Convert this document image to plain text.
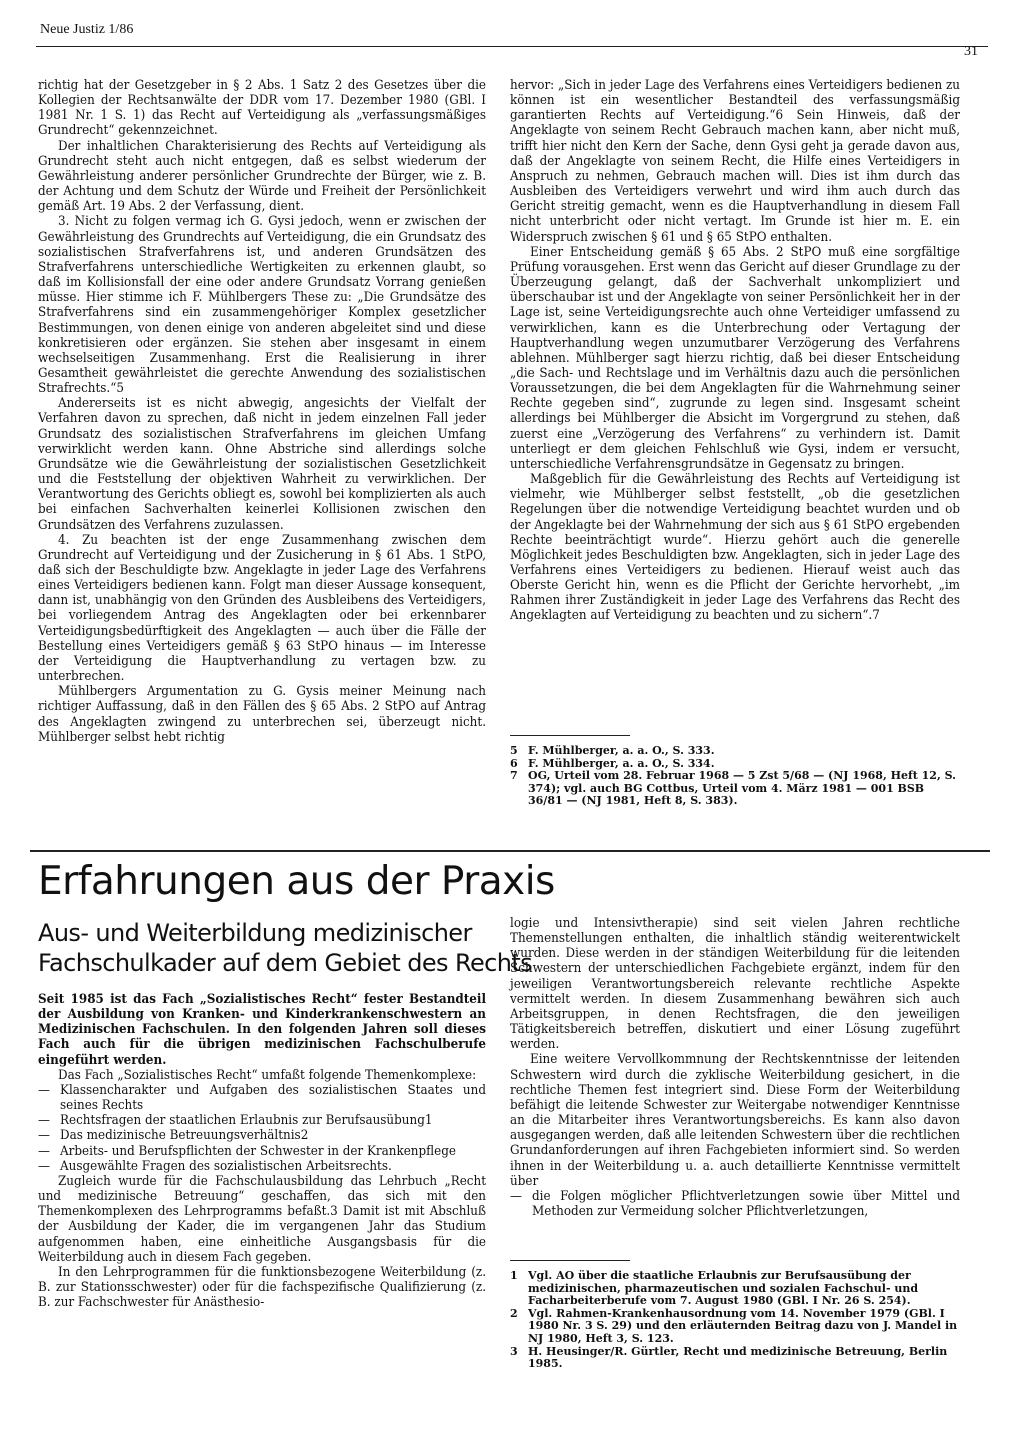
Neue Justiz 1/86
31

richtig hat der Gesetzgeber in § 2 Abs. 1 Satz 2 des Gesetzes über die Kollegien der Rechtsanwälte der DDR vom 17. Dezember 1980 (GBl. I 1981 Nr. 1 S. 1) das Recht auf Verteidigung als „verfassungsmäßiges Grundrecht“ gekennzeichnet.

Der inhaltlichen Charakterisierung des Rechts auf Verteidigung als Grundrecht steht auch nicht entgegen, daß es selbst wiederum der Gewährleistung anderer persönlicher Grundrechte der Bürger, wie z. B. der Achtung und dem Schutz der Würde und Freiheit der Persönlichkeit gemäß Art. 19 Abs. 2 der Verfassung, dient.

3. Nicht zu folgen vermag ich G. Gysi jedoch, wenn er zwischen der Gewährleistung des Grundrechts auf Verteidigung, die ein Grundsatz des sozialistischen Strafverfahrens ist, und anderen Grundsätzen des Strafverfahrens unterschiedliche Wertigkeiten zu erkennen glaubt, so daß im Kollisionsfall der eine oder andere Grundsatz Vorrang genießen müsse. Hier stimme ich F. Mühlbergers These zu: „Die Grundsätze des Strafverfahrens sind ein zusammengehöriger Komplex gesetzlicher Bestimmungen, von denen einige von anderen abgeleitet sind und diese konkretisieren oder ergänzen. Sie stehen aber insgesamt in einem wechselseitigen Zusammenhang. Erst die Realisierung in ihrer Gesamtheit gewährleistet die gerechte Anwendung des sozialistischen Strafrechts.“5

Andererseits ist es nicht abwegig, angesichts der Vielfalt der Verfahren davon zu sprechen, daß nicht in jedem einzelnen Fall jeder Grundsatz des sozialistischen Strafverfahrens im gleichen Umfang verwirklicht werden kann. Ohne Abstriche sind allerdings solche Grundsätze wie die Gewährleistung der sozialistischen Gesetzlichkeit und die Feststellung der objektiven Wahrheit zu verwirklichen. Der Verantwortung des Gerichts obliegt es, sowohl bei komplizierten als auch bei einfachen Sachverhalten keinerlei Kollisionen zwischen den Grundsätzen des Verfahrens zuzulassen.

4. Zu beachten ist der enge Zusammenhang zwischen dem Grundrecht auf Verteidigung und der Zusicherung in § 61 Abs. 1 StPO, daß sich der Beschuldigte bzw. Angeklagte in jeder Lage des Verfahrens eines Verteidigers bedienen kann. Folgt man dieser Aussage konsequent, dann ist, unabhängig von den Gründen des Ausbleibens des Verteidigers, bei vorliegendem Antrag des Angeklagten oder bei erkennbarer Verteidigungsbedürftigkeit des Angeklagten — auch über die Fälle der Bestellung eines Verteidigers gemäß § 63 StPO hinaus — im Interesse der Verteidigung die Hauptverhandlung zu vertagen bzw. zu unterbrechen.

Mühlbergers Argumentation zu G. Gysis meiner Meinung nach richtiger Auffassung, daß in den Fällen des § 65 Abs. 2 StPO auf Antrag des Angeklagten zwingend zu unterbrechen sei, überzeugt nicht. Mühlberger selbst hebt richtig

hervor: „Sich in jeder Lage des Verfahrens eines Verteidigers bedienen zu können ist ein wesentlicher Bestandteil des verfassungsmäßig garantierten Rechts auf Verteidigung.“6 Sein Hinweis, daß der Angeklagte von seinem Recht Gebrauch machen kann, aber nicht muß, trifft hier nicht den Kern der Sache, denn Gysi geht ja gerade davon aus, daß der Angeklagte von seinem Recht, die Hilfe eines Verteidigers in Anspruch zu nehmen, Gebrauch machen will. Dies ist ihm durch das Ausbleiben des Verteidigers verwehrt und wird ihm auch durch das Gericht streitig gemacht, wenn es die Hauptverhandlung in diesem Fall nicht unterbricht oder nicht vertagt. Im Grunde ist hier m. E. ein Widerspruch zwischen § 61 und § 65 StPO enthalten.

Einer Entscheidung gemäß § 65 Abs. 2 StPO muß eine sorgfältige Prüfung vorausgehen. Erst wenn das Gericht auf dieser Grundlage zu der Überzeugung gelangt, daß der Sachverhalt unkompliziert und überschaubar ist und der Angeklagte von seiner Persönlichkeit her in der Lage ist, seine Verteidigungsrechte auch ohne Verteidiger umfassend zu verwirklichen, kann es die Unterbrechung oder Vertagung der Hauptverhandlung wegen unzumutbarer Verzögerung des Verfahrens ablehnen. Mühlberger sagt hierzu richtig, daß bei dieser Entscheidung „die Sach- und Rechtslage und im Verhältnis dazu auch die persönlichen Voraussetzungen, die bei dem Angeklagten für die Wahrnehmung seiner Rechte gegeben sind“, zugrunde zu legen sind. Insgesamt scheint allerdings bei Mühlberger die Absicht im Vorgergrund zu stehen, daß zuerst eine „Verzögerung des Verfahrens“ zu verhindern ist. Damit unterliegt er dem gleichen Fehlschluß wie Gysi, indem er versucht, unterschiedliche Verfahrensgrundsätze in Gegensatz zu bringen.

Maßgeblich für die Gewährleistung des Rechts auf Verteidigung ist vielmehr, wie Mühlberger selbst feststellt, „ob die gesetzlichen Regelungen über die notwendige Verteidigung beachtet wurden und ob der Angeklagte bei der Wahrnehmung der sich aus § 61 StPO ergebenden Rechte beeinträchtigt wurde“. Hierzu gehört auch die generelle Möglichkeit jedes Beschuldigten bzw. Angeklagten, sich in jeder Lage des Verfahrens eines Verteidigers zu bedienen. Hierauf weist auch das Oberste Gericht hin, wenn es die Pflicht der Gerichte hervorhebt, „im Rahmen ihrer Zuständigkeit in jeder Lage des Verfahrens das Recht des Angeklagten auf Verteidigung zu beachten und zu sichern“.7

5 F. Mühlberger, a. a. O., S. 333.
6 F. Mühlberger, a. a. O., S. 334.
7 OG, Urteil vom 28. Februar 1968 — 5 Zst 5/68 — (NJ 1968, Heft 12, S. 374); vgl. auch BG Cottbus, Urteil vom 4. März 1981 — 001 BSB 36/81 — (NJ 1981, Heft 8, S. 383).
Erfahrungen aus der Praxis
Aus- und Weiterbildung medizinischer
Fachschulkader auf dem Gebiet des Rechts

Seit 1985 ist das Fach „Sozialistisches Recht“ fester Bestandteil der Ausbildung von Kranken- und Kinderkrankenschwestern an Medizinischen Fachschulen. In den folgenden Jahren soll dieses Fach auch für die übrigen medizinischen Fachschulberufe eingeführt werden.

Das Fach „Sozialistisches Recht“ umfaßt folgende Themenkomplexe:

— Klassencharakter und Aufgaben des sozialistischen Staates und seines Rechts
— Rechtsfragen der staatlichen Erlaubnis zur Berufsausübung1
— Das medizinische Betreuungsverhältnis2
— Arbeits- und Berufspflichten der Schwester in der Krankenpflege
— Ausgewählte Fragen des sozialistischen Arbeitsrechts.

Zugleich wurde für die Fachschulausbildung das Lehrbuch „Recht und medizinische Betreuung“ geschaffen, das sich mit den Themenkomplexen des Lehrprogramms befaßt.3 Damit ist mit Abschluß der Ausbildung der Kader, die im vergangenen Jahr das Studium aufgenommen haben, eine einheitliche Ausgangsbasis für die Weiterbildung auch in diesem Fach gegeben.

In den Lehrprogrammen für die funktionsbezogene Weiterbildung (z. B. zur Stationsschwester) oder für die fachspezifische Qualifizierung (z. B. zur Fachschwester für Anästhesio-

logie und Intensivtherapie) sind seit vielen Jahren rechtliche Themenstellungen enthalten, die inhaltlich ständig weiterentwickelt wurden. Diese werden in der ständigen Weiterbildung für die leitenden Schwestern der unterschiedlichen Fachgebiete ergänzt, indem für den jeweiligen Verantwortungsbereich relevante rechtliche Aspekte vermittelt werden. In diesem Zusammenhang bewähren sich auch Arbeitsgruppen, in denen Rechtsfragen, die den jeweiligen Tätigkeitsbereich betreffen, diskutiert und einer Lösung zugeführt werden.

Eine weitere Vervollkommnung der Rechtskenntnisse der leitenden Schwestern wird durch die zyklische Weiterbildung gesichert, in die rechtliche Themen fest integriert sind. Diese Form der Weiterbildung befähigt die leitende Schwester zur Weitergabe notwendiger Kenntnisse an die Mitarbeiter ihres Verantwortungsbereichs. Es kann also davon ausgegangen werden, daß alle leitenden Schwestern über die rechtlichen Grundanforderungen auf ihren Fachgebieten informiert sind. So werden ihnen in der Weiterbildung u. a. auch detaillierte Kenntnisse vermittelt über

— die Folgen möglicher Pflichtverletzungen sowie über Mittel und Methoden zur Vermeidung solcher Pflichtverletzungen,
1 Vgl. AO über die staatliche Erlaubnis zur Berufsausübung der medizinischen, pharmazeutischen und sozialen Fachschul- und Facharbeiterberufe vom 7. August 1980 (GBl. I Nr. 26 S. 254).
2 Vgl. Rahmen-Krankenhausordnung vom 14. November 1979 (GBl. I 1980 Nr. 3 S. 29) und den erläuternden Beitrag dazu von J. Mandel in NJ 1980, Heft 3, S. 123.
3 H. Heusinger/R. Gürtler, Recht und medizinische Betreuung, Berlin 1985.
